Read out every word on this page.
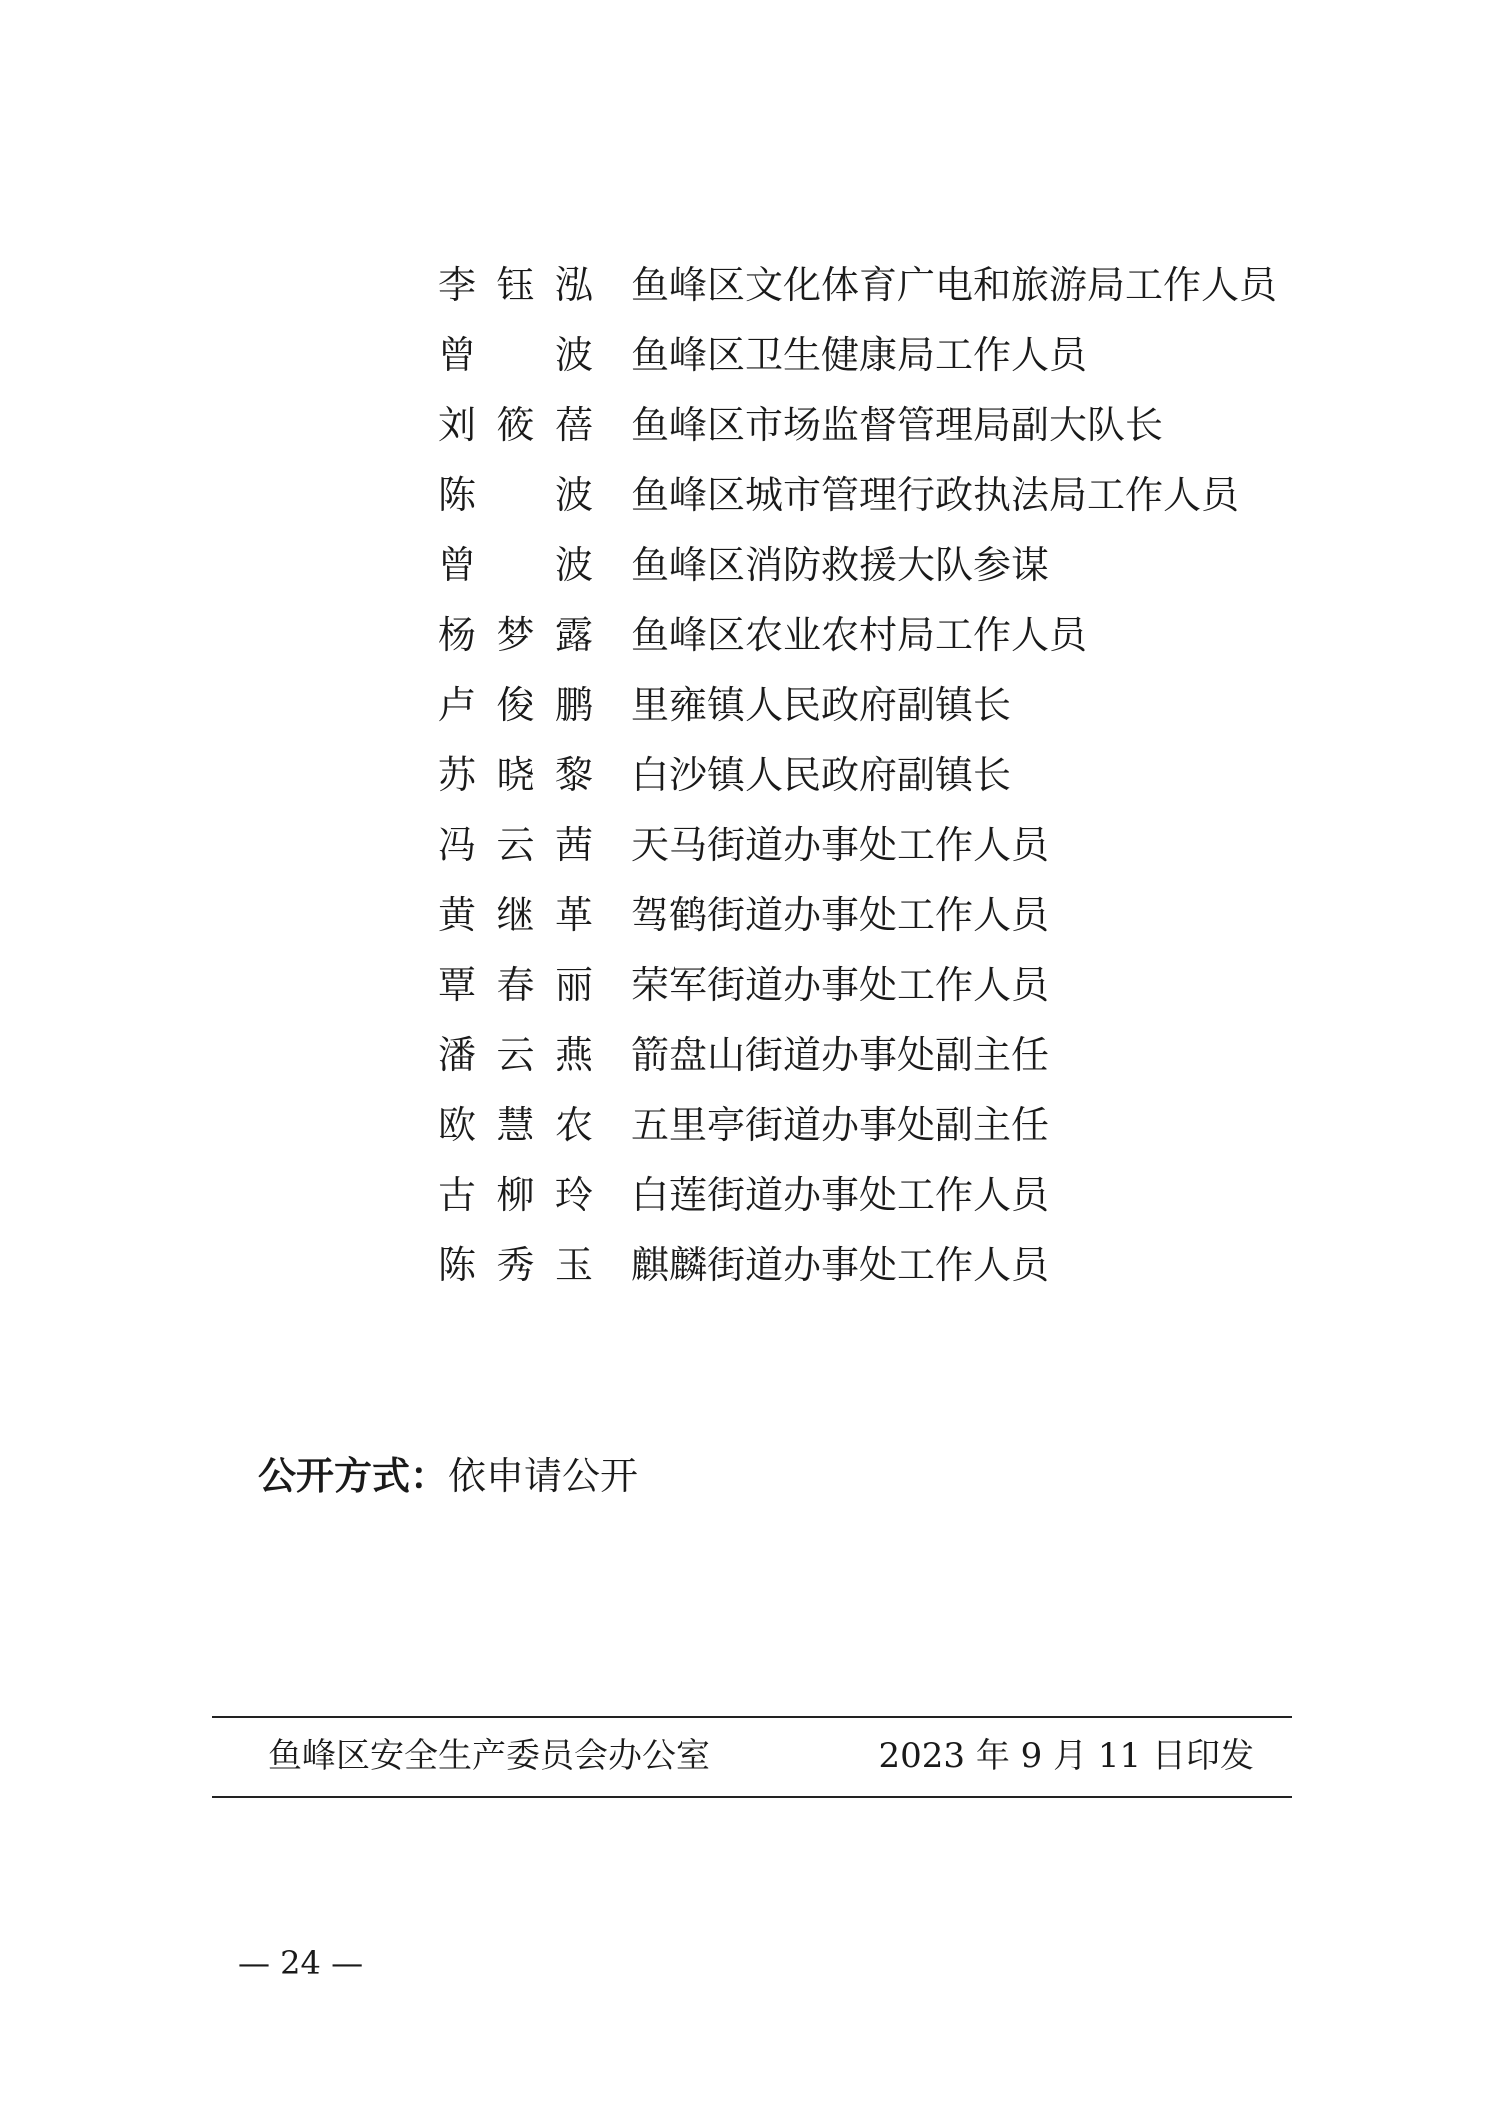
李钰泓 鱼峰区文化体育广电和旅游局工作人员
曾波 鱼峰区卫生健康局工作人员
刘筱蓓 鱼峰区市场监督管理局副大队长
陈波 鱼峰区城市管理行政执法局工作人员
曾波 鱼峰区消防救援大队参谋
杨梦露 鱼峰区农业农村局工作人员
卢俊鹏 里雍镇人民政府副镇长
苏晓黎 白沙镇人民政府副镇长
冯云茜 天马街道办事处工作人员
黄继革 驾鹤街道办事处工作人员
覃春丽 荣军街道办事处工作人员
潘云燕 箭盘山街道办事处副主任
欧慧农 五里亭街道办事处副主任
古柳玲 白莲街道办事处工作人员
陈秀玉 麒麟街道办事处工作人员
公开方式：依申请公开
鱼峰区安全生产委员会办公室	2023 年 9 月 11 日印发
— 24 —
